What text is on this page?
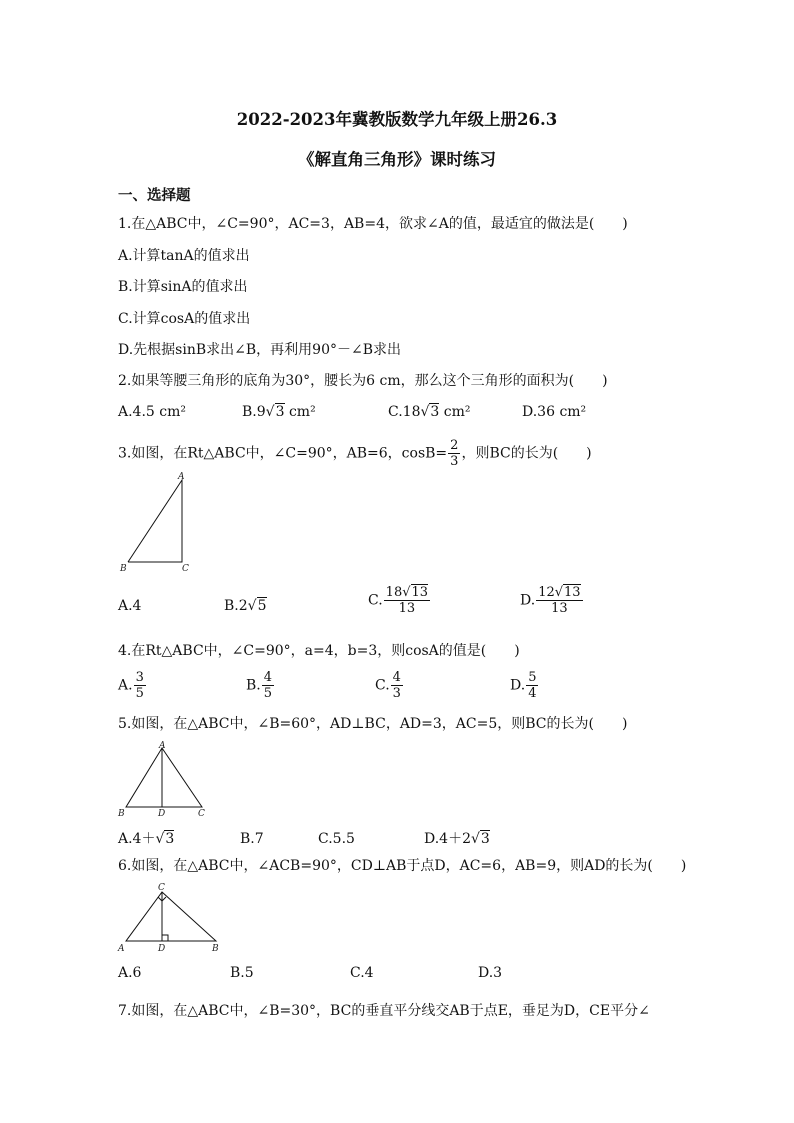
2022-2023年冀教版数学九年级上册26.3
《解直角三角形》课时练习
一、选择题
1.在△ABC中，∠C=90°，AC=3，AB=4，欲求∠A的值，最适宜的做法是(　　)
A.计算tanA的值求出
B.计算sinA的值求出
C.计算cosA的值求出
D.先根据sinB求出∠B，再利用90°－∠B求出
2.如果等腰三角形的底角为30°，腰长为6 cm，那么这个三角形的面积为(　　)
A.4.5 cm²	B.9√3 cm²	C.18√3 cm²	D.36 cm²
3.如图，在Rt△ABC中，∠C=90°，AB=6，$\cos B= \frac{2}{3}$ ，则BC的长为(　　)
A
B	C
A.4	B.2√5	C. $\frac{18√13}{13}$	D. $\frac{12√13}{13}$
4.在Rt△ABC中，∠C=90°，a=4，b=3，则cosA的值是(　　)
A. $\frac{3}{5}$	B. $\frac{4}{5}$	C. $\frac{4}{3}$	D. $\frac{5}{4}$
5.如图，在△ABC中，∠B=60°，AD⊥BC，AD=3，AC=5，则BC的长为(　　)
A
B	D	C
A.4＋√3	B.7	C.5.5	D.4＋2√3
6.如图，在△ABC中，∠ACB=90°，CD⊥AB于点D，AC=6，AB=9，则AD的长为(　　)
C
A	D	B
A.6	B.5	C.4	D.3
7.如图，在△ABC中，∠B=30°，BC的垂直平分线交AB于点E，垂足为D，CE平分∠
